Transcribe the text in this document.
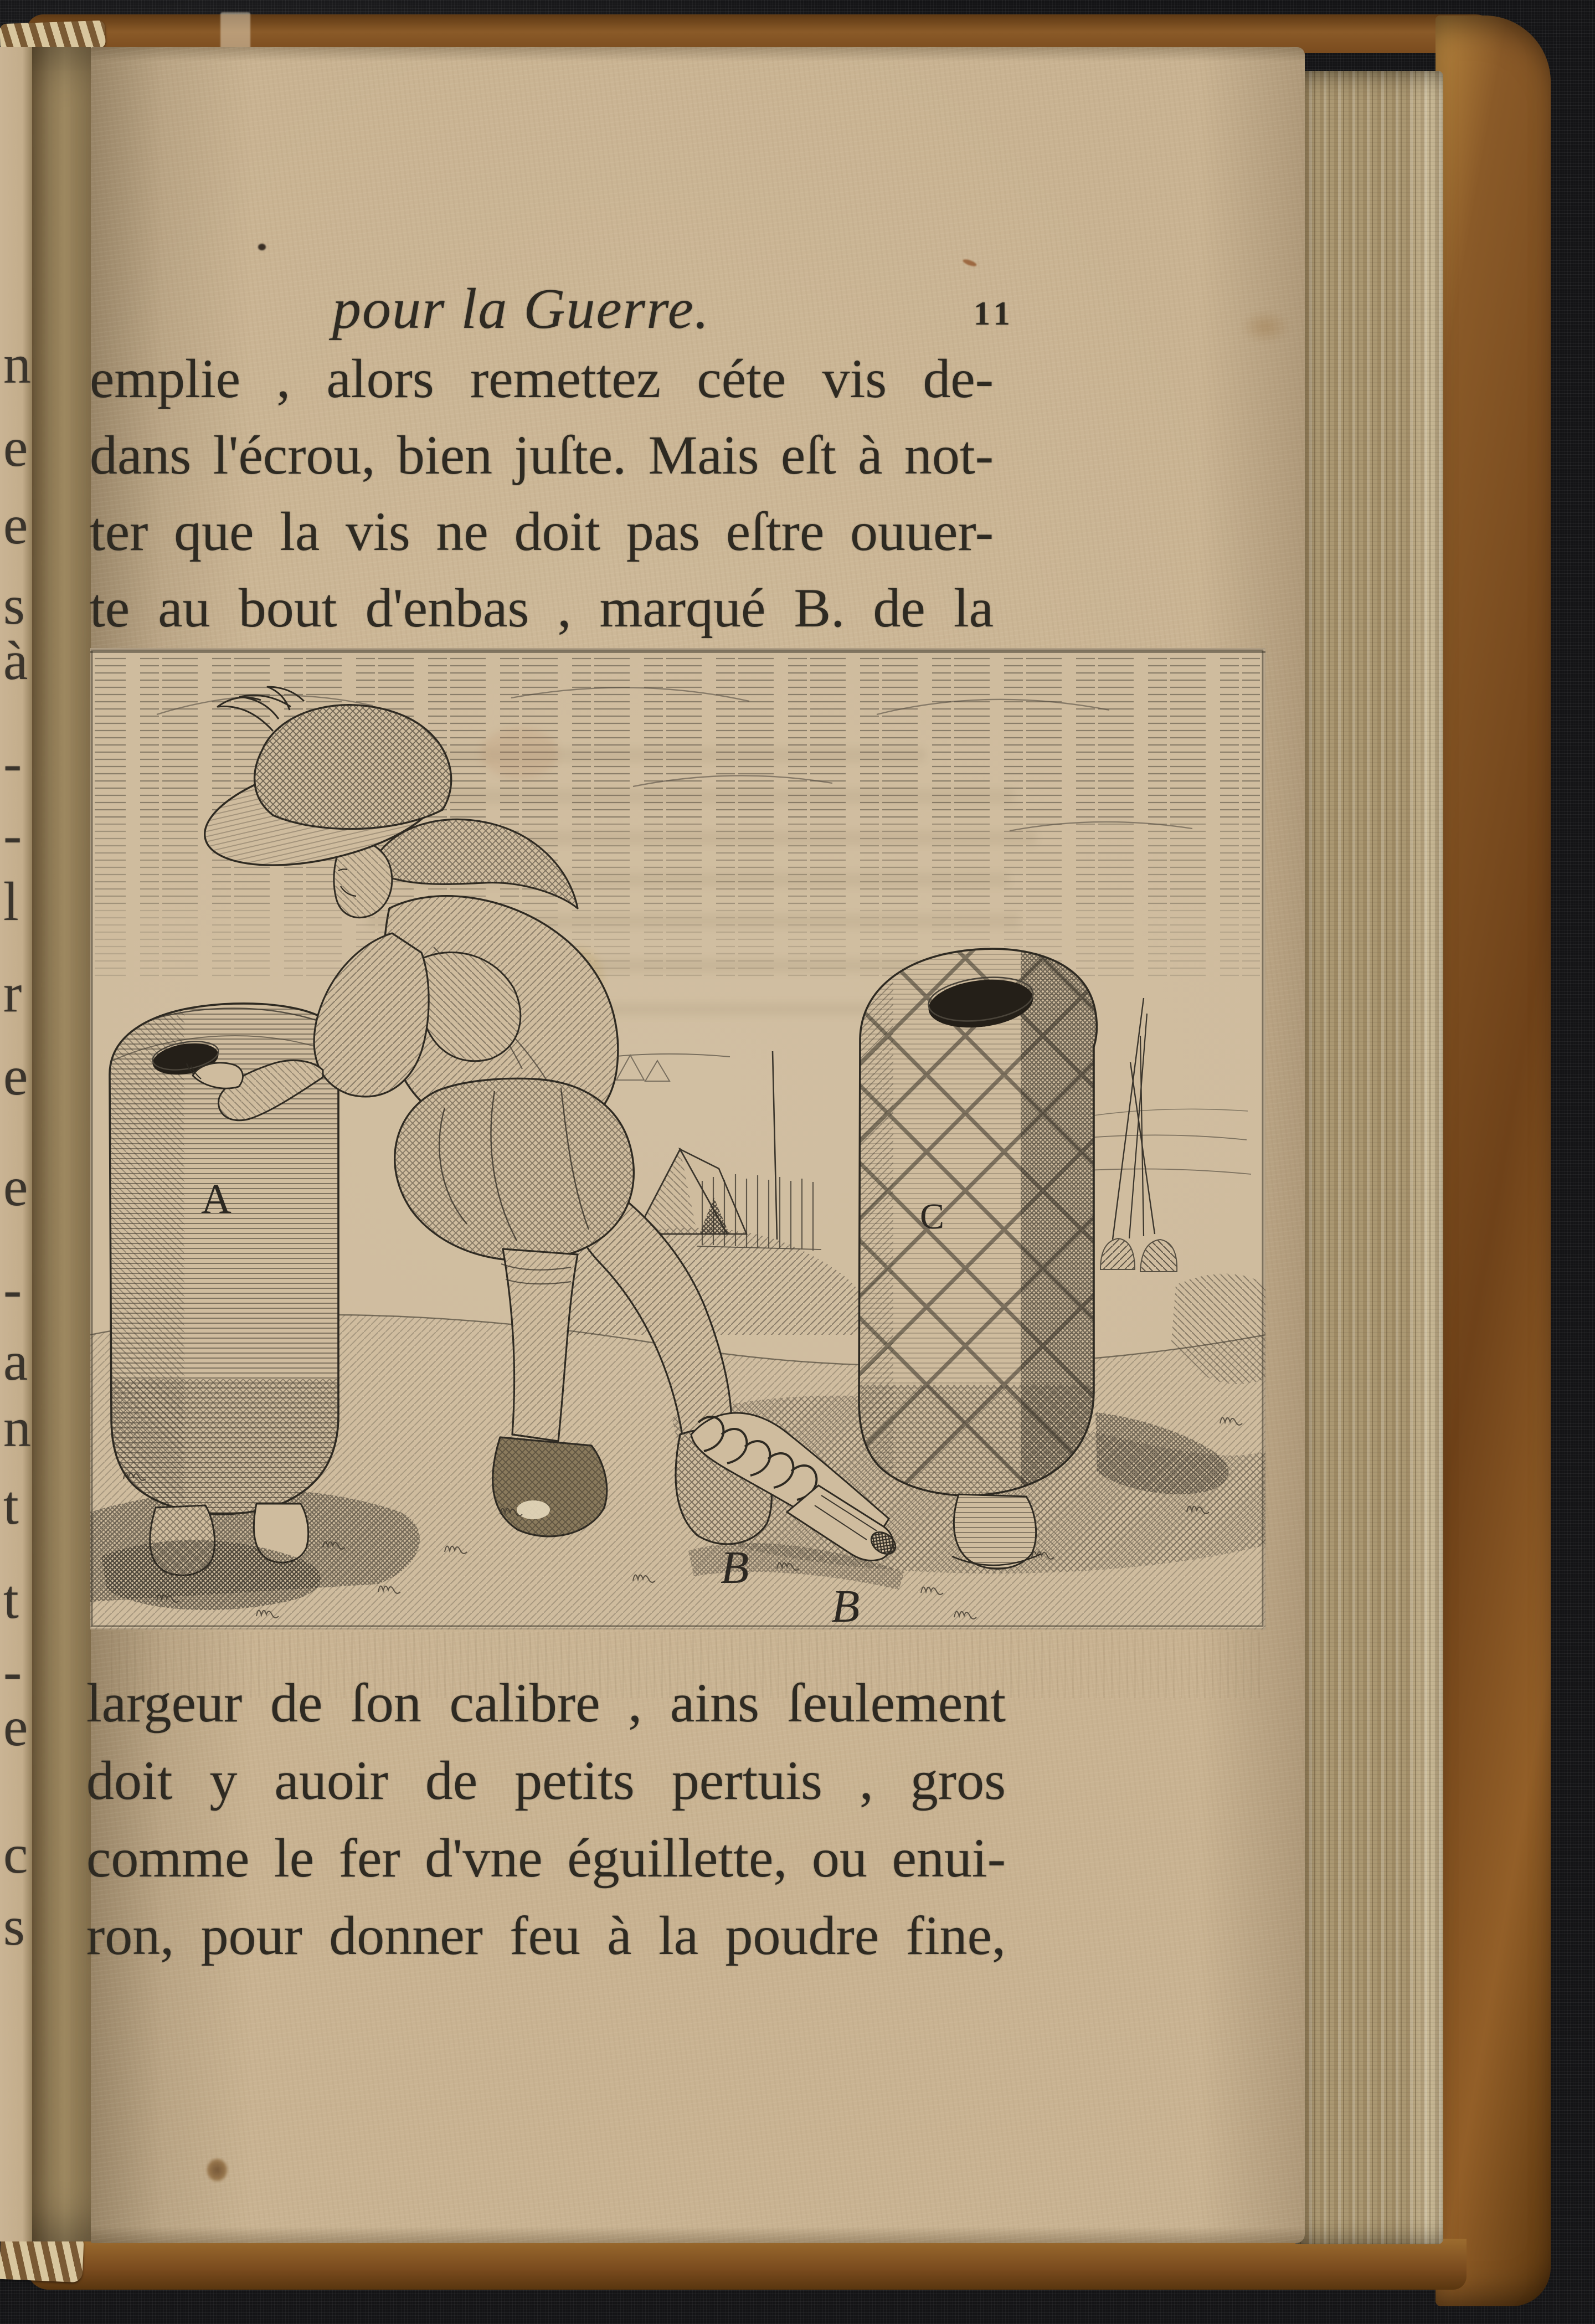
n
e
e
s
à
-
-
l
r
e
e
-
a
n
t
t
-
e
c
s
pour la Guerre.	11
emplie , alors remettez céte vis de-
dans l'écrou, bien juſte. Mais eſt à not-
ter que la vis ne doit pas eſtre ouuer-
te au bout d'enbas , marqué B. de la
A	C
B
B
largeur de ſon calibre , ains ſeulement
doit y auoir de petits pertuis , gros
comme le fer d'vne éguillette, ou enui-
ron, pour donner feu à la poudre fine,
